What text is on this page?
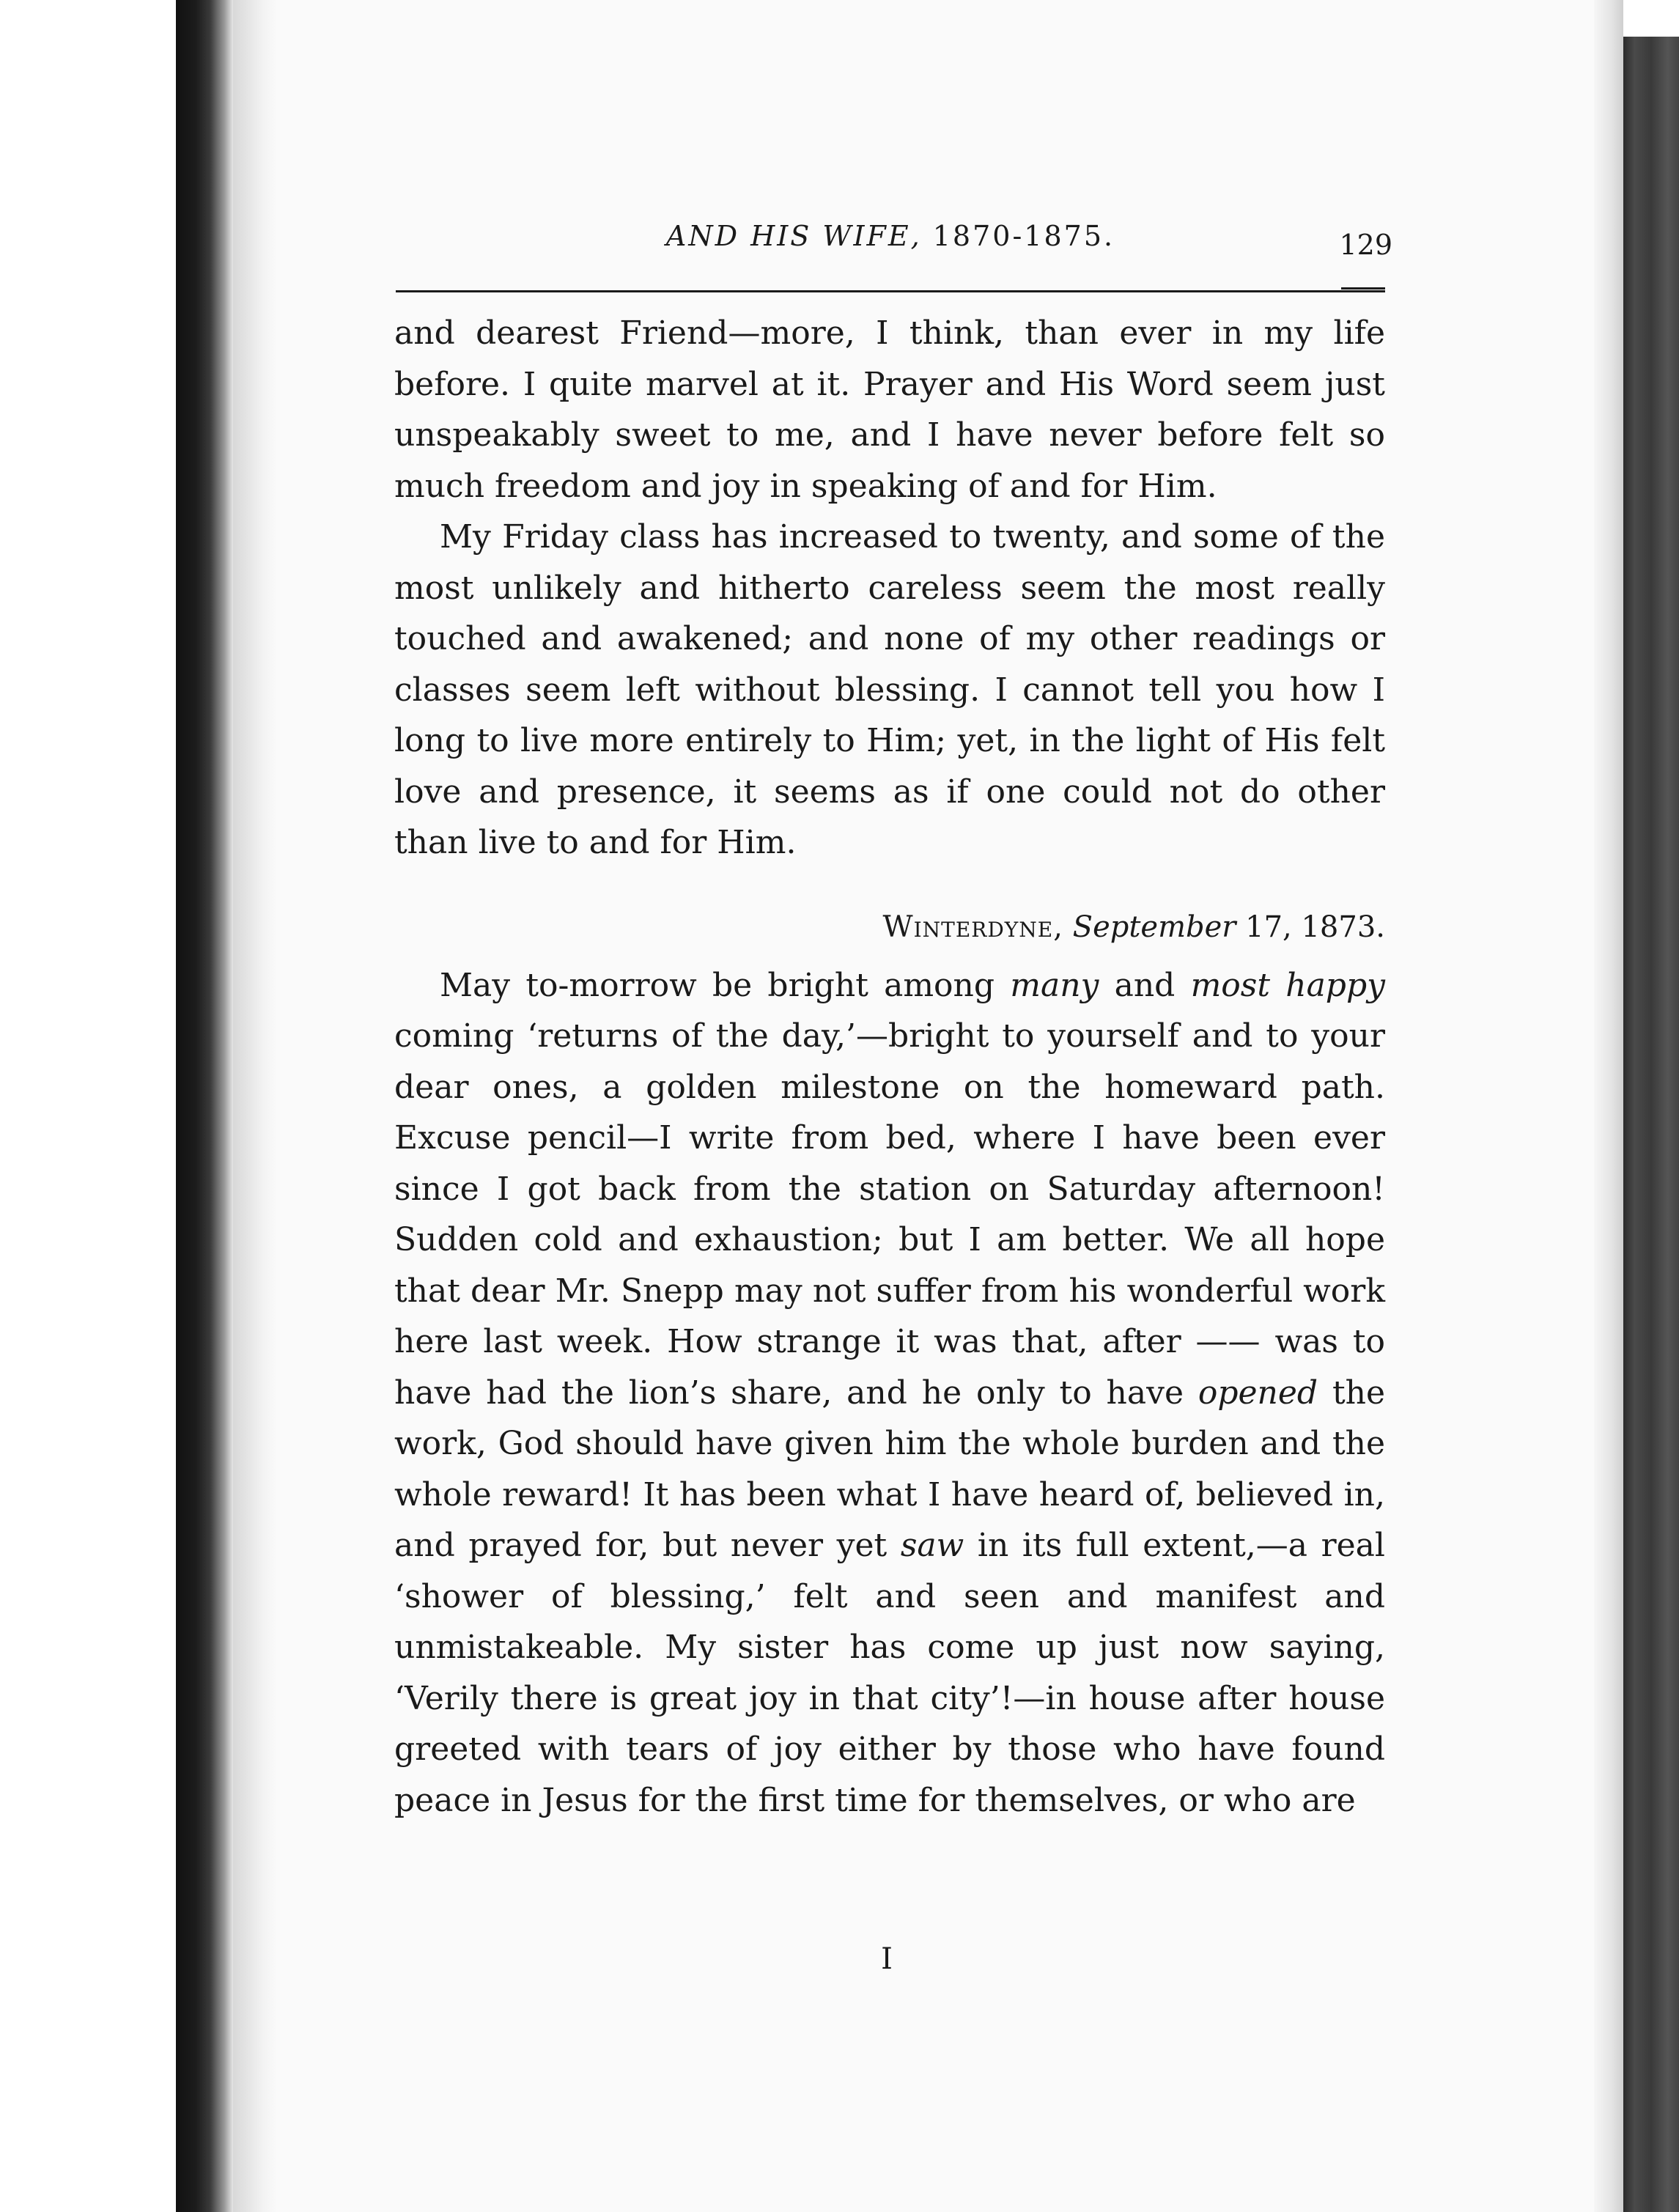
AND HIS WIFE, 1870-1875.	129

and dearest Friend—more, I think, than ever in my life before. I quite marvel at it. Prayer and His Word seem just unspeakably sweet to me, and I have never before felt so much freedom and joy in speaking of and for Him.

My Friday class has increased to twenty, and some of the most unlikely and hitherto careless seem the most really touched and awakened; and none of my other readings or classes seem left without blessing. I cannot tell you how I long to live more entirely to Him; yet, in the light of His felt love and presence, it seems as if one could not do other than live to and for Him.

Winterdyne, September 17, 1873.

May to-morrow be bright among many and most happy coming ‘returns of the day,’—bright to yourself and to your dear ones, a golden milestone on the homeward path. Excuse pencil—I write from bed, where I have been ever since I got back from the station on Saturday afternoon! Sudden cold and exhaustion; but I am better. We all hope that dear Mr. Snepp may not suffer from his wonderful work here last week. How strange it was that, after —— was to have had the lion’s share, and he only to have opened the work, God should have given him the whole burden and the whole reward! It has been what I have heard of, believed in, and prayed for, but never yet saw in its full extent,—a real ‘shower of blessing,’ felt and seen and manifest and unmistakeable. My sister has come up just now saying, ‘Verily there is great joy in that city’!—in house after house greeted with tears of joy either by those who have found peace in Jesus for the first time for themselves, or who are

I
